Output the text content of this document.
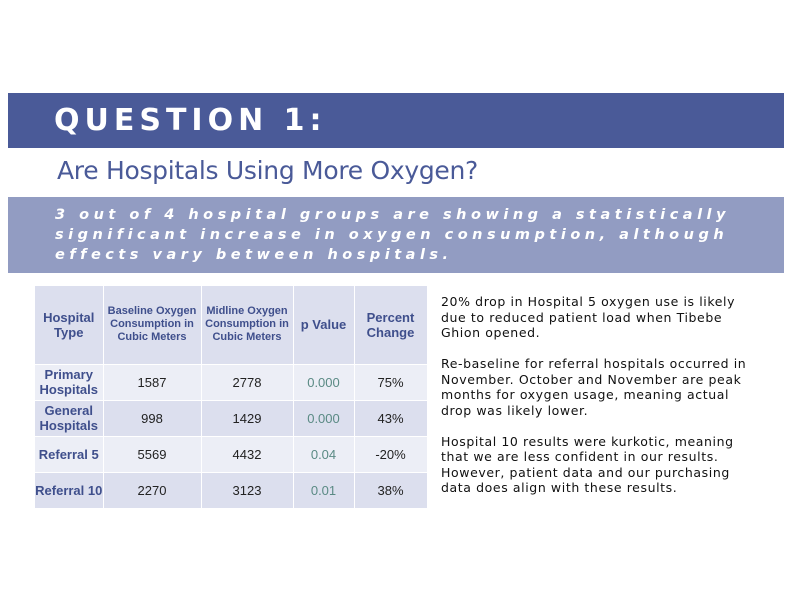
QUESTION 1:
Are Hospitals Using More Oxygen?
3 out of 4 hospital groups are showing a statistically significant increase in oxygen consumption, although effects vary between hospitals.
Hospital Type	Baseline Oxygen Consumption in Cubic Meters	Midline Oxygen Consumption in Cubic Meters	p Value	Percent Change
Primary Hospitals	1587	2778	0.000	75%
General Hospitals	998	1429	0.000	43%
Referral 5	5569	4432	0.04	-20%
Referral 10	2270	3123	0.01	38%

20% drop in Hospital 5 oxygen use is likely due to reduced patient load when Tibebe Ghion opened.

Re-baseline for referral hospitals occurred in November. October and November are peak months for oxygen usage, meaning actual drop was likely lower.

Hospital 10 results were kurkotic, meaning that we are less confident in our results. However, patient data and our purchasing data does align with these results.
